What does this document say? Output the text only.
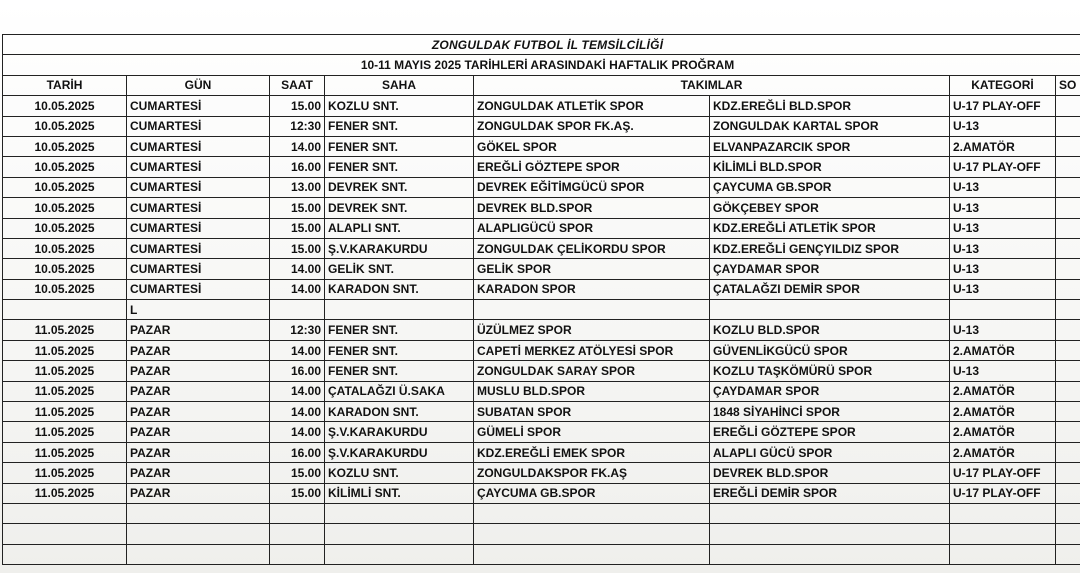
ZONGULDAK FUTBOL İL TEMSİLCİLİĞİ							
10-11 MAYIS 2025 TARİHLERİ ARASINDAKİ HAFTALIK PROĞRAM							
TARİH	GÜN	SAAT	SAHA	TAKIMLAR		KATEGORİ	SO
10.05.2025	CUMARTESİ	15.00	KOZLU SNT.	ZONGULDAK ATLETİK SPOR	KDZ.EREĞLİ BLD.SPOR	U-17 PLAY-OFF	
10.05.2025	CUMARTESİ	12:30	FENER SNT.	ZONGULDAK SPOR FK.AŞ.	ZONGULDAK KARTAL SPOR	U-13	
10.05.2025	CUMARTESİ	14.00	FENER SNT.	GÖKEL SPOR	ELVANPAZARCIK SPOR	2.AMATÖR	
10.05.2025	CUMARTESİ	16.00	FENER SNT.	EREĞLİ GÖZTEPE SPOR	KİLİMLİ BLD.SPOR	U-17 PLAY-OFF	
10.05.2025	CUMARTESİ	13.00	DEVREK SNT.	DEVREK EĞİTİMGÜCÜ SPOR	ÇAYCUMA GB.SPOR	U-13	
10.05.2025	CUMARTESİ	15.00	DEVREK SNT.	DEVREK BLD.SPOR	GÖKÇEBEY SPOR	U-13	
10.05.2025	CUMARTESİ	15.00	ALAPLI SNT.	ALAPLIGÜCÜ SPOR	KDZ.EREĞLİ ATLETİK SPOR	U-13	
10.05.2025	CUMARTESİ	15.00	Ş.V.KARAKURDU	ZONGULDAK ÇELİKORDU SPOR	KDZ.EREĞLİ GENÇYILDIZ SPOR	U-13	
10.05.2025	CUMARTESİ	14.00	GELİK SNT.	GELİK SPOR	ÇAYDAMAR SPOR	U-13	
10.05.2025	CUMARTESİ	14.00	KARADON SNT.	KARADON SPOR	ÇATALAĞZI DEMİR SPOR	U-13	
	L						
11.05.2025	PAZAR	12:30	FENER SNT.	ÜZÜLMEZ SPOR	KOZLU BLD.SPOR	U-13	
11.05.2025	PAZAR	14.00	FENER SNT.	CAPETİ MERKEZ ATÖLYESİ SPOR	GÜVENLİKGÜCÜ SPOR	2.AMATÖR	
11.05.2025	PAZAR	16.00	FENER SNT.	ZONGULDAK SARAY SPOR	KOZLU TAŞKÖMÜRÜ SPOR	U-13	
11.05.2025	PAZAR	14.00	ÇATALAĞZI Ü.SAKA	MUSLU BLD.SPOR	ÇAYDAMAR SPOR	2.AMATÖR	
11.05.2025	PAZAR	14.00	KARADON SNT.	SUBATAN SPOR	1848 SİYAHİNCİ SPOR	2.AMATÖR	
11.05.2025	PAZAR	14.00	Ş.V.KARAKURDU	GÜMELİ SPOR	EREĞLİ GÖZTEPE SPOR	2.AMATÖR	
11.05.2025	PAZAR	16.00	Ş.V.KARAKURDU	KDZ.EREĞLİ EMEK SPOR	ALAPLI GÜCÜ SPOR	2.AMATÖR	
11.05.2025	PAZAR	15.00	KOZLU SNT.	ZONGULDAKSPOR FK.AŞ	DEVREK BLD.SPOR	U-17 PLAY-OFF	
11.05.2025	PAZAR	15.00	KİLİMLİ SNT.	ÇAYCUMA GB.SPOR	EREĞLİ DEMİR SPOR	U-17 PLAY-OFF	
